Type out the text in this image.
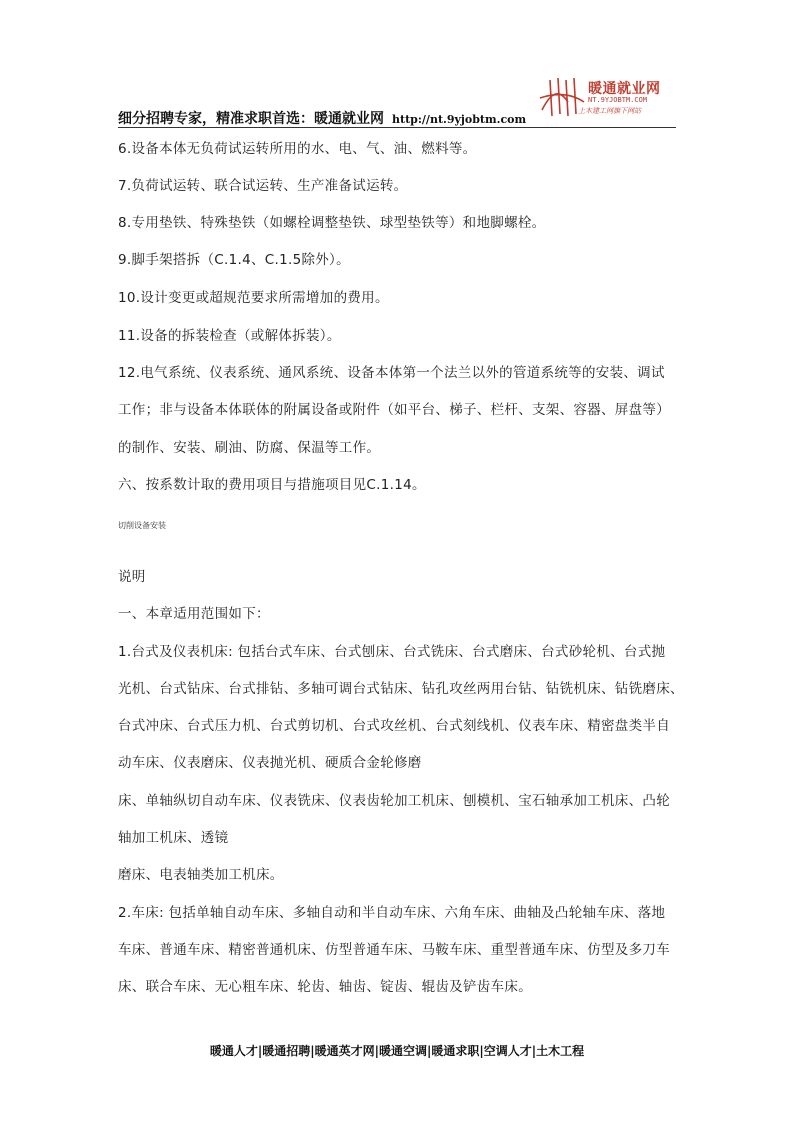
暖通就业网
NT.9YJOBTM.COM
土木建工网旗下网站
细分招聘专家，精准求职首选：暖通就业网 http://nt.9yjobtm.com
6.设备本体无负荷试运转所用的水、电、气、油、燃料等。
7.负荷试运转、联合试运转、生产准备试运转。
8.专用垫铁、特殊垫铁（如螺栓调整垫铁、球型垫铁等）和地脚螺栓。
9.脚手架搭拆（C.1.4、C.1.5除外）。
10.设计变更或超规范要求所需增加的费用。
11.设备的拆装检查（或解体拆装）。
12.电气系统、仪表系统、通风系统、设备本体第一个法兰以外的管道系统等的安装、调试
工作；非与设备本体联体的附属设备或附件（如平台、梯子、栏杆、支架、容器、屏盘等）
的制作、安装、刷油、防腐、保温等工作。
六、按系数计取的费用项目与措施项目见C.1.14。
切削设备安装
说明
一、本章适用范围如下：
1.台式及仪表机床: 包括台式车床、台式刨床、台式铣床、台式磨床、台式砂轮机、台式抛
光机、台式钻床、台式排钻、多轴可调台式钻床、钻孔攻丝两用台钻、钻铣机床、钻铣磨床、
台式冲床、台式压力机、台式剪切机、台式攻丝机、台式刻线机、仪表车床、精密盘类半自
动车床、仪表磨床、仪表抛光机、硬质合金轮修磨
床、单轴纵切自动车床、仪表铣床、仪表齿轮加工机床、刨模机、宝石轴承加工机床、凸轮
轴加工机床、透镜
磨床、电表轴类加工机床。
2.车床: 包括单轴自动车床、多轴自动和半自动车床、六角车床、曲轴及凸轮轴车床、落地
车床、普通车床、精密普通机床、仿型普通车床、马鞍车床、重型普通车床、仿型及多刀车
床、联合车床、无心粗车床、轮齿、轴齿、锭齿、辊齿及铲齿车床。
暖通人才|暖通招聘|暖通英才网|暖通空调|暖通求职|空调人才|土木工程
